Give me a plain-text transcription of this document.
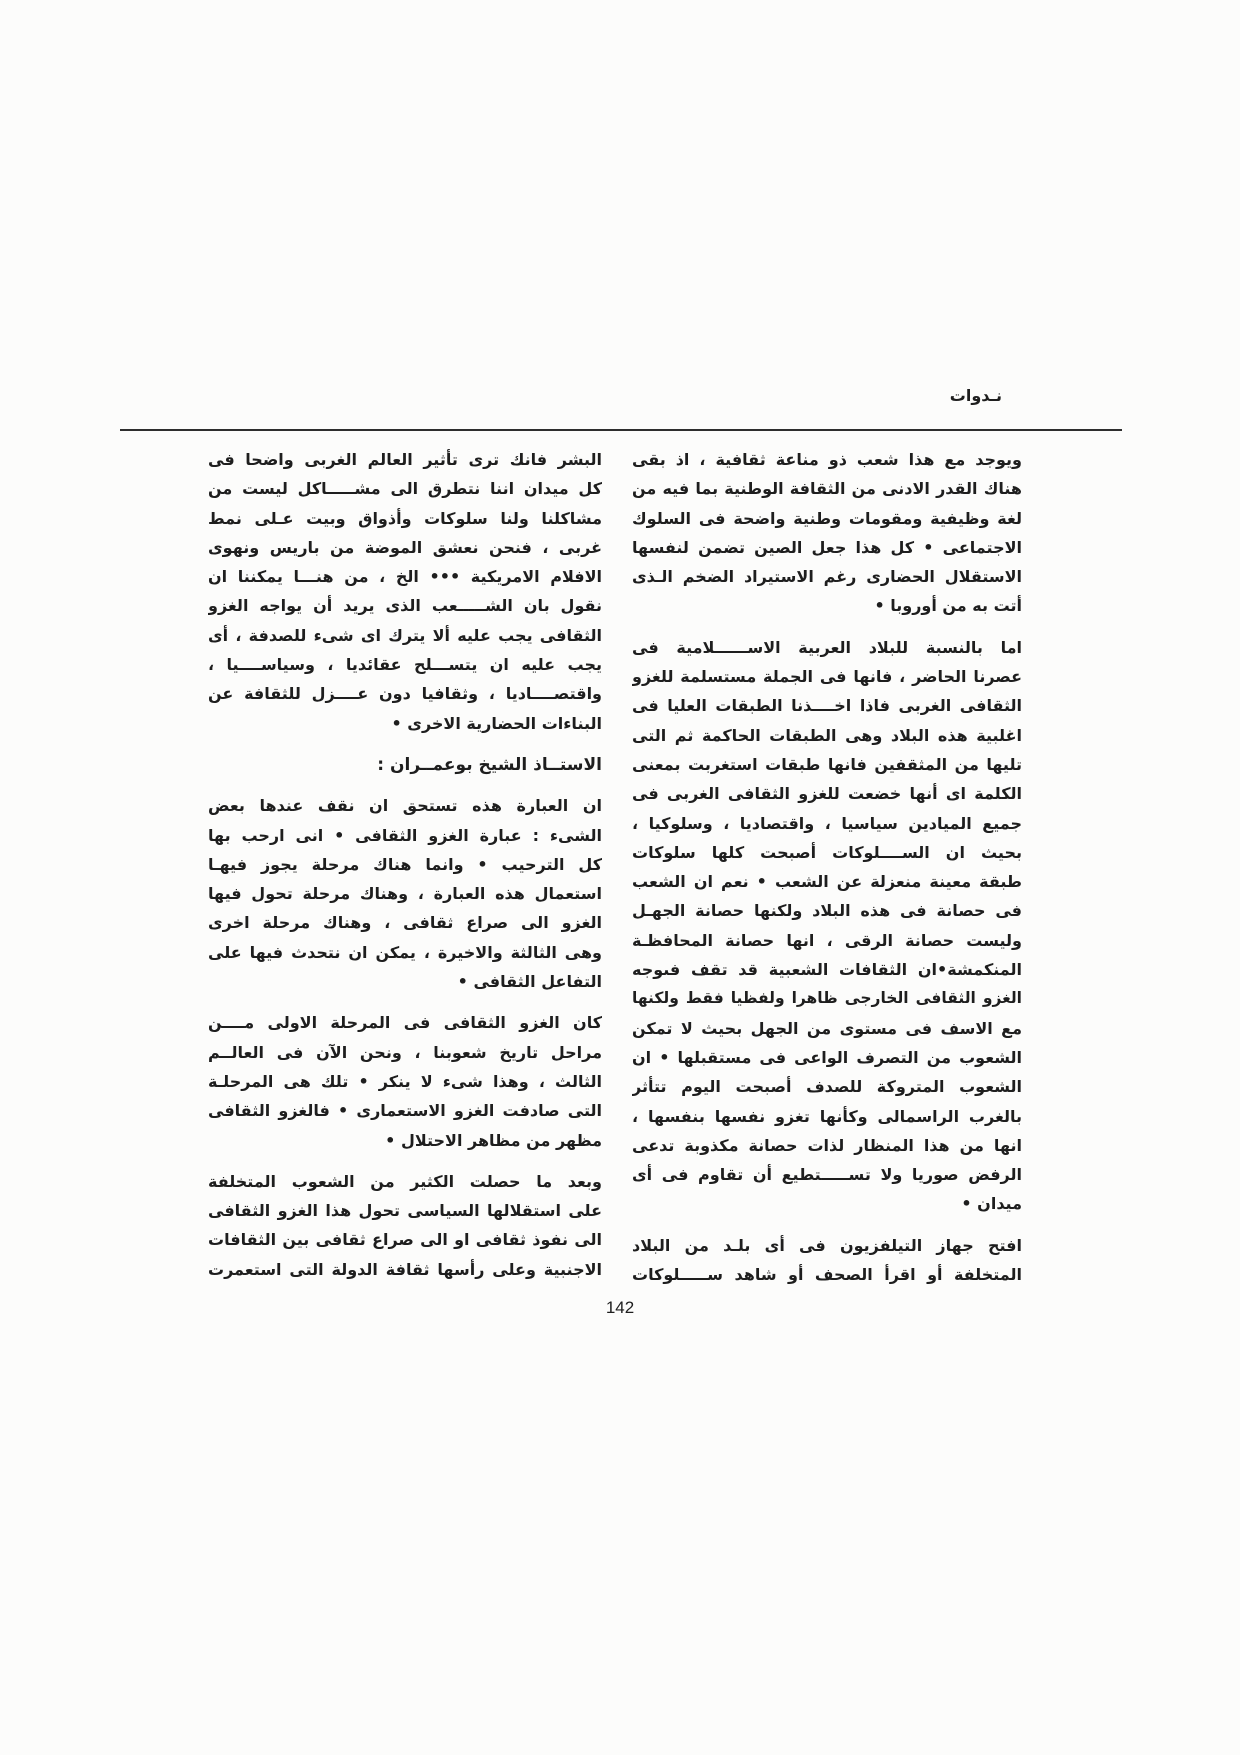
نـدوات
ويوجد مع هذا شعب ذو مناعة ثقافية ، اذ بقى
هناك القدر الادنى من الثقافة الوطنية بما فيه من
لغة وظيفية ومقومات وطنية واضحة فى السلوك
الاجتماعى • كل هذا جعل الصين تضمن لنفسها
الاستقلال الحضارى رغم الاستيراد الضخم الـذى
أتت به من أوروبا •
اما بالنسبة للبلاد العربية الاســــــلامية فى
عصرنا الحاضر ، فانها فى الجملة مستسلمة للغزو
الثقافى الغربى فاذا اخــــذنا الطبقات العليا فى
اغلبية هذه البلاد وهى الطبقات الحاكمة ثم التى
تليها من المثقفين فانها طبقات استغربت بمعنى
الكلمة اى أنها خضعت للغزو الثقافى الغربى فى
جميع الميادين سياسيا ، واقتصاديا ، وسلوكيا ،
بحيث ان الســــلوكات أصبحت كلها سلوكات
طبقة معينة منعزلة عن الشعب • نعم ان الشعب
فى حصانة فى هذه البلاد ولكنها حصانة الجهـل
وليست حصانة الرقى ، انها حصانة المحافظـة
المنكمشة•ان الثقافات الشعبية قد تقف فىوجه
الغزو الثقافى الخارجى ظاهرا ولفظيا فقط ولكنها
مع الاسف فى مستوى من الجهل بحيث لا تمكن
الشعوب من التصرف الواعى فى مستقبلها • ان
الشعوب المتروكة للصدف أصبحت اليوم تتأثر
بالغرب الراسمالى وكأنها تغزو نفسها بنفسها ،
انها من هذا المنظار لذات حصانة مكذوبة تدعى
الرفض صوريا ولا تســـــتطيع أن تقاوم فى أى
ميدان •
افتح جهاز التيلفزيون فى أى بلـد من البلاد
المتخلفة أو اقرأ الصحف أو شاهد ســـــلوكات
البشر فانك ترى تأثير العالم الغربى واضحا فى
كل ميدان اننا نتطرق الى مشـــــاكل ليست من
مشاكلنا ولنا سلوكات وأذواق وبيت عـلى نمط
غربى ، فنحن نعشق الموضة من باريس ونهوى
الافلام الامريكية ••• الخ ، من هنـــا يمكننا ان
نقول بان الشـــــعب الذى يريد أن يواجه الغزو
الثقافى يجب عليه ألا يترك اى شىء للصدفة ، أى
يجب عليه ان يتســـلح عقائديا ، وسياســــيا ،
واقتصــــاديا ، وثقافيا دون عــــزل للثقافة عن
البناءات الحضارية الاخرى •
الاستــاذ الشيخ بوعمــران :
ان العبارة هذه تستحق ان نقف عندها بعض
الشىء : عبارة الغزو الثقافى • انى ارحب بها
كل الترحيب • وانما هناك مرحلة يجوز فيهـا
استعمال هذه العبارة ، وهناك مرحلة تحول فيها
الغزو الى صراع ثقافى ، وهناك مرحلة اخرى
وهى الثالثة والاخيرة ، يمكن ان نتحدث فيها على
التفاعل الثقافى •
كان الغزو الثقافى فى المرحلة الاولى مــــن
مراحل تاريخ شعوبنا ، ونحن الآن فى العالــم
الثالث ، وهذا شىء لا ينكر • تلك هى المرحلـة
التى صادفت الغزو الاستعمارى • فالغزو الثقافى
مظهر من مظاهر الاحتلال •
وبعد ما حصلت الكثير من الشعوب المتخلفة
على استقلالها السياسى تحول هذا الغزو الثقافى
الى نفوذ ثقافى او الى صراع ثقافى بين الثقافات
الاجنبية وعلى رأسها ثقافة الدولة التى استعمرت
142
